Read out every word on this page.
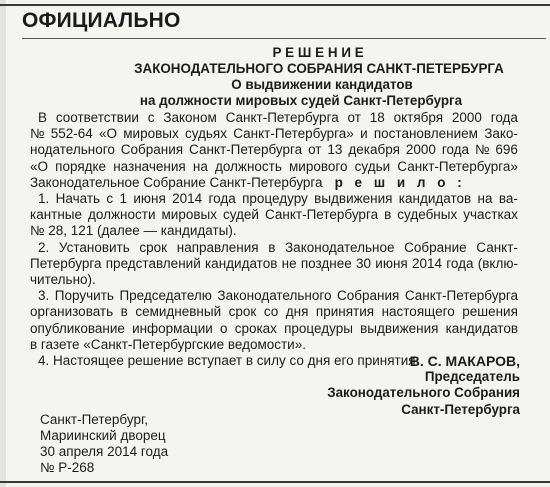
ОФИЦИАЛЬНО
РЕШЕНИЕ
ЗАКОНОДАТЕЛЬНОГО СОБРАНИЯ САНКТ-ПЕТЕРБУРГА
О выдвижении кандидатов
на должности мировых судей Санкт-Петербурга
В соответствии с Законом Санкт-Петербурга от 18 октября 2000 года
№ 552-64 «О мировых судьях Санкт-Петербурга» и постановлением Зако-
нодательного Собрания Санкт-Петербурга от 13 декабря 2000 года № 696
«О порядке назначения на должность мирового судьи Санкт-Петербурга»
Законодательное Собрание Санкт-Петербурга р е ш и л о :
1. Начать с 1 июня 2014 года процедуру выдвижения кандидатов на ва-
кантные должности мировых судей Санкт-Петербурга в судебных участках
№ 28, 121 (далее — кандидаты).
2. Установить срок направления в Законодательное Собрание Санкт-
Петербурга представлений кандидатов не позднее 30 июня 2014 года (вклю-
чительно).
3. Поручить Председателю Законодательного Собрания Санкт-Петербурга
организовать в семидневный срок со дня принятия настоящего решения
опубликование информации о сроках процедуры выдвижения кандидатов
в газете «Санкт-Петербургские ведомости».
4. Настоящее решение вступает в силу со дня его принятия.
В. С. МАКАРОВ,
Председатель
Законодательного Собрания
Санкт-Петербурга
Санкт-Петербург,
Мариинский дворец
30 апреля 2014 года
№ Р-268
